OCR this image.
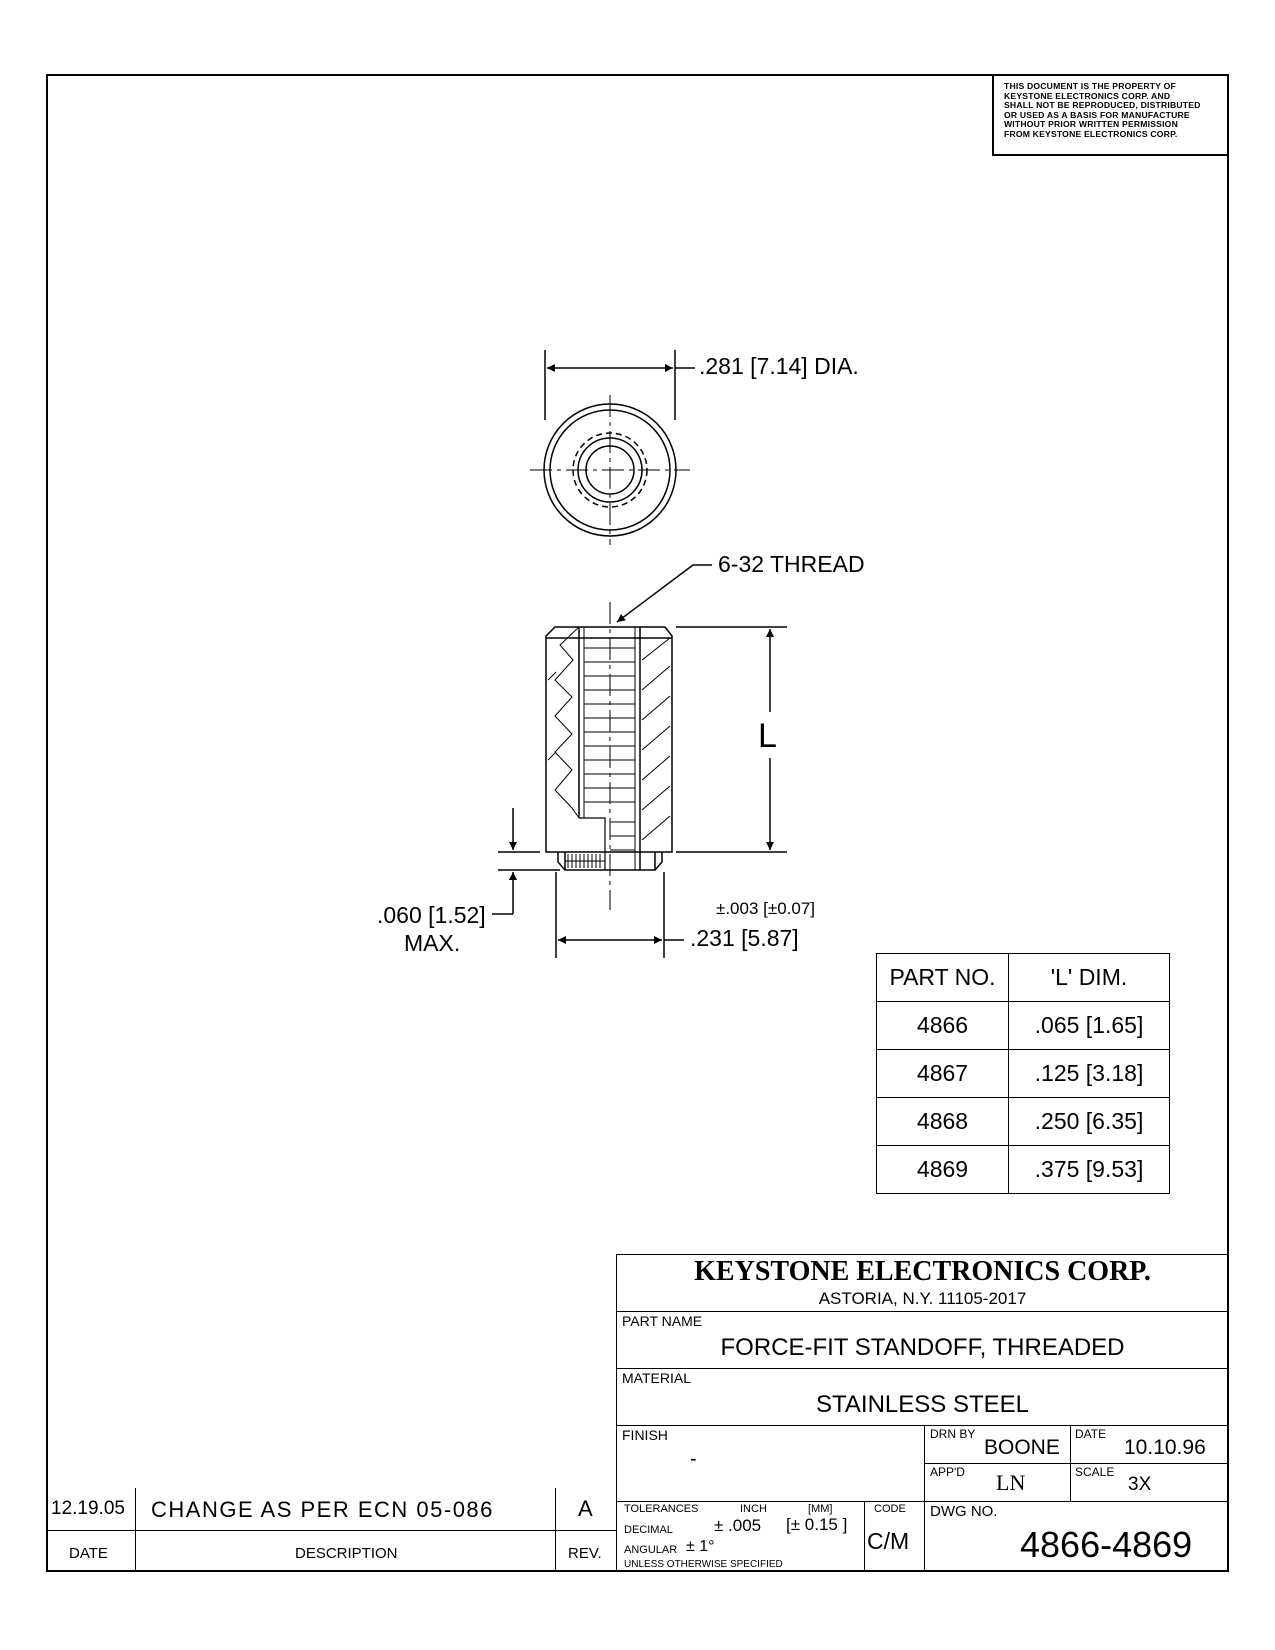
THIS DOCUMENT IS THE PROPERTY OF
KEYSTONE ELECTRONICS CORP. AND
SHALL NOT BE REPRODUCED, DISTRIBUTED
OR USED AS A BASIS FOR MANUFACTURE
WITHOUT PRIOR WRITTEN PERMISSION
FROM KEYSTONE ELECTRONICS CORP.
.281 [7.14] DIA.
6-32 THREAD
L
.060 [1.52]
MAX.
±.003 [±0.07]
.231 [5.87]
PART NO.	'L' DIM.
4866	.065 [1.65]
4867	.125 [3.18]
4868	.250 [6.35]
4869	.375 [9.53]
KEYSTONE ELECTRONICS CORP.
ASTORIA, N.Y. 11105-2017
PART NAME
FORCE-FIT STANDOFF, THREADED
MATERIAL
STAINLESS STEEL
FINISH
-
DRN BY
BOONE
DATE
10.10.96
APP'D LN	SCALE
3X
TOLERANCES	INCH	[MM]	CODE
DECIMAL ± .005 [± 0.15 ]
ANGULAR ± 1°
UNLESS OTHERWISE SPECIFIED
C/M
DWG NO.
4866-4869
12.19.05 CHANGE AS PER ECN 05-086	A
DATE	DESCRIPTION	REV.
